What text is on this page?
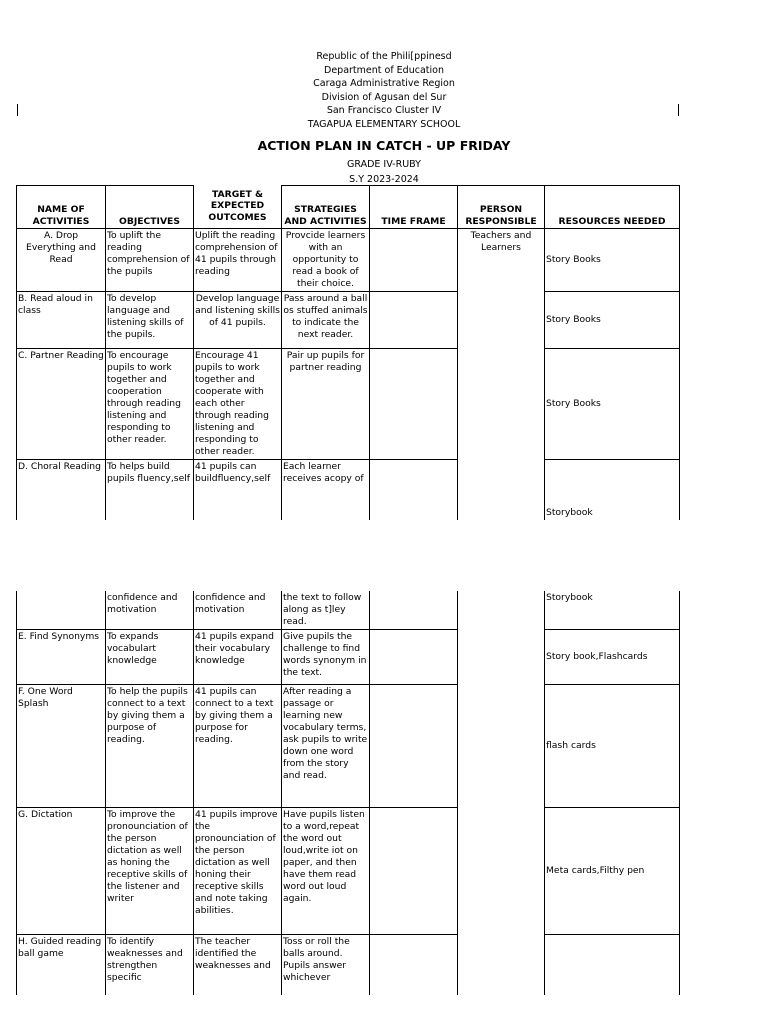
Republic of the Phili[ppinesd
Department of Education
Caraga Administrative Region
Division of Agusan del Sur
San Francisco Cluster IV
TAGAPUA ELEMENTARY SCHOOL
ACTION PLAN IN CATCH - UP FRIDAY
GRADE IV-RUBY
S.Y 2023-2024
NAME OF ACTIVITIES	OBJECTIVES	TARGET & EXPECTED OUTCOMES	STRATEGIES AND ACTIVITIES	TIME FRAME	PERSON RESPONSIBLE	RESOURCES NEEDED
A. Drop Everything and Read	To uplift the reading comprehension of the pupils	Uplift the reading comprehension of 41 pupils through reading	Provcide learners with an opportunity to read a book of their choice.		Teachers and Learners	Story Books
B. Read aloud in class	To develop language and listening skills of the pupils.	Develop language and listening skills of 41 pupils.	Pass around a ball os stuffed animals to indicate the next reader.			Story Books
C. Partner Reading	To encourage pupils to work together and cooperation through reading listening and responding to other reader.	Encourage 41 pupils to work together and cooperate with each other through reading listening and responding to other reader.	Pair up pupils for partner reading			Story Books
D. Choral Reading	To helps build pupils fluency,self	41 pupils can buildfluency,self	Each learner receives acopy of			Storybook
	confidence and motivation	confidence and motivation	the text to follow along as t]ley read.			Storybook
E. Find Synonyms	To expands vocabulart knowledge	41 pupils expand their vocabulary knowledge	Give pupils the challenge to find words synonym in the text.			Story book,Flashcards
F. One Word Splash	To help the pupils connect to a text by giving them a purpose of reading.	41 pupils can connect to a text by giving them a purpose for reading.	After reading a passage or learning new vocabulary terms, ask pupils to write down one word from the story and read.			flash cards
G. Dictation	To improve the pronounciation of the person dictation as well as honing the receptive skills of the listener and writer	41 pupils improve the pronounciation of the person dictation as well honing their receptive skills and note taking abilities.	Have pupils listen to a word,repeat the word out loud,write iot on paper, and then have them read word out loud again.			Meta cards,Filthy pen
H. Guided reading ball game	To identify weaknesses and strengthen specific	The teacher identified the weaknesses and	Toss or roll the balls around. Pupils answer whichever			
